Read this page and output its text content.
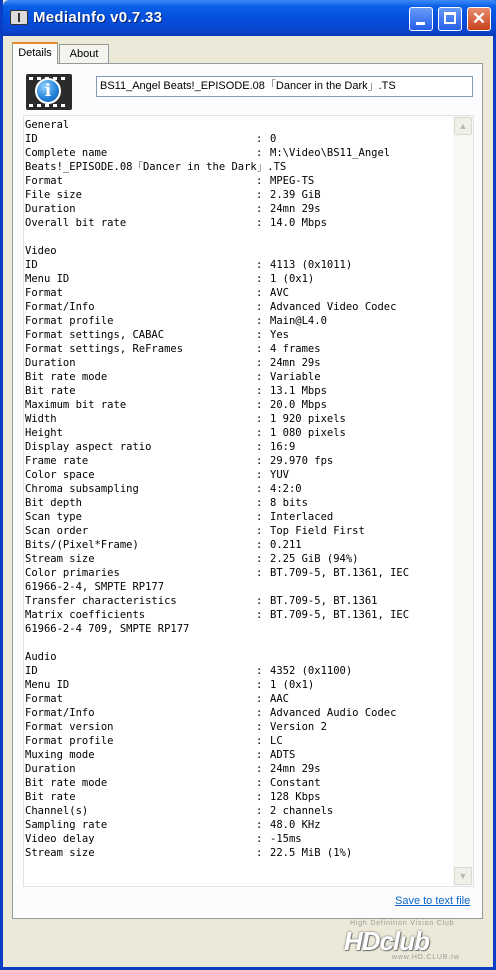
MediaInfo v0.7.33	✕
Details	About
i	BS11_Angel Beats!_EPISODE.08「Dancer in the Dark」.TS
General
ID	: 0
Complete name	: M:\Video\BS11_Angel
Beats!_EPISODE.08「Dancer in the Dark」.TS
Format	: MPEG-TS
File size	: 2.39 GiB
Duration	: 24mn 29s
Overall bit rate	: 14.0 Mbps
Video
ID	: 4113 (0x1011)
Menu ID	: 1 (0x1)
Format	: AVC
Format/Info	: Advanced Video Codec
Format profile	: Main@L4.0
Format settings, CABAC	: Yes
Format settings, ReFrames	: 4 frames
Duration	: 24mn 29s
Bit rate mode	: Variable
Bit rate	: 13.1 Mbps
Maximum bit rate	: 20.0 Mbps
Width	: 1 920 pixels
Height	: 1 080 pixels
Display aspect ratio	: 16:9
Frame rate	: 29.970 fps
Color space	: YUV
Chroma subsampling	: 4:2:0
Bit depth	: 8 bits
Scan type	: Interlaced
Scan order	: Top Field First
Bits/(Pixel*Frame)	: 0.211
Stream size	: 2.25 GiB (94%)
Color primaries	: BT.709-5, BT.1361, IEC
61966-2-4, SMPTE RP177
Transfer characteristics	: BT.709-5, BT.1361
Matrix coefficients	: BT.709-5, BT.1361, IEC
61966-2-4 709, SMPTE RP177
Audio
ID	: 4352 (0x1100)
Menu ID	: 1 (0x1)
Format	: AAC
Format/Info	: Advanced Audio Codec
Format version	: Version 2
Format profile	: LC
Muxing mode	: ADTS
Duration	: 24mn 29s
Bit rate mode	: Constant
Bit rate	: 128 Kbps
Channel(s)	: 2 channels
Sampling rate	: 48.0 KHz
Video delay	: -15ms
Stream size	: 22.5 MiB (1%)
▲
▼
Save to text file
High Definition Vision Club
HDclub
www.HD.CLUB.tw
